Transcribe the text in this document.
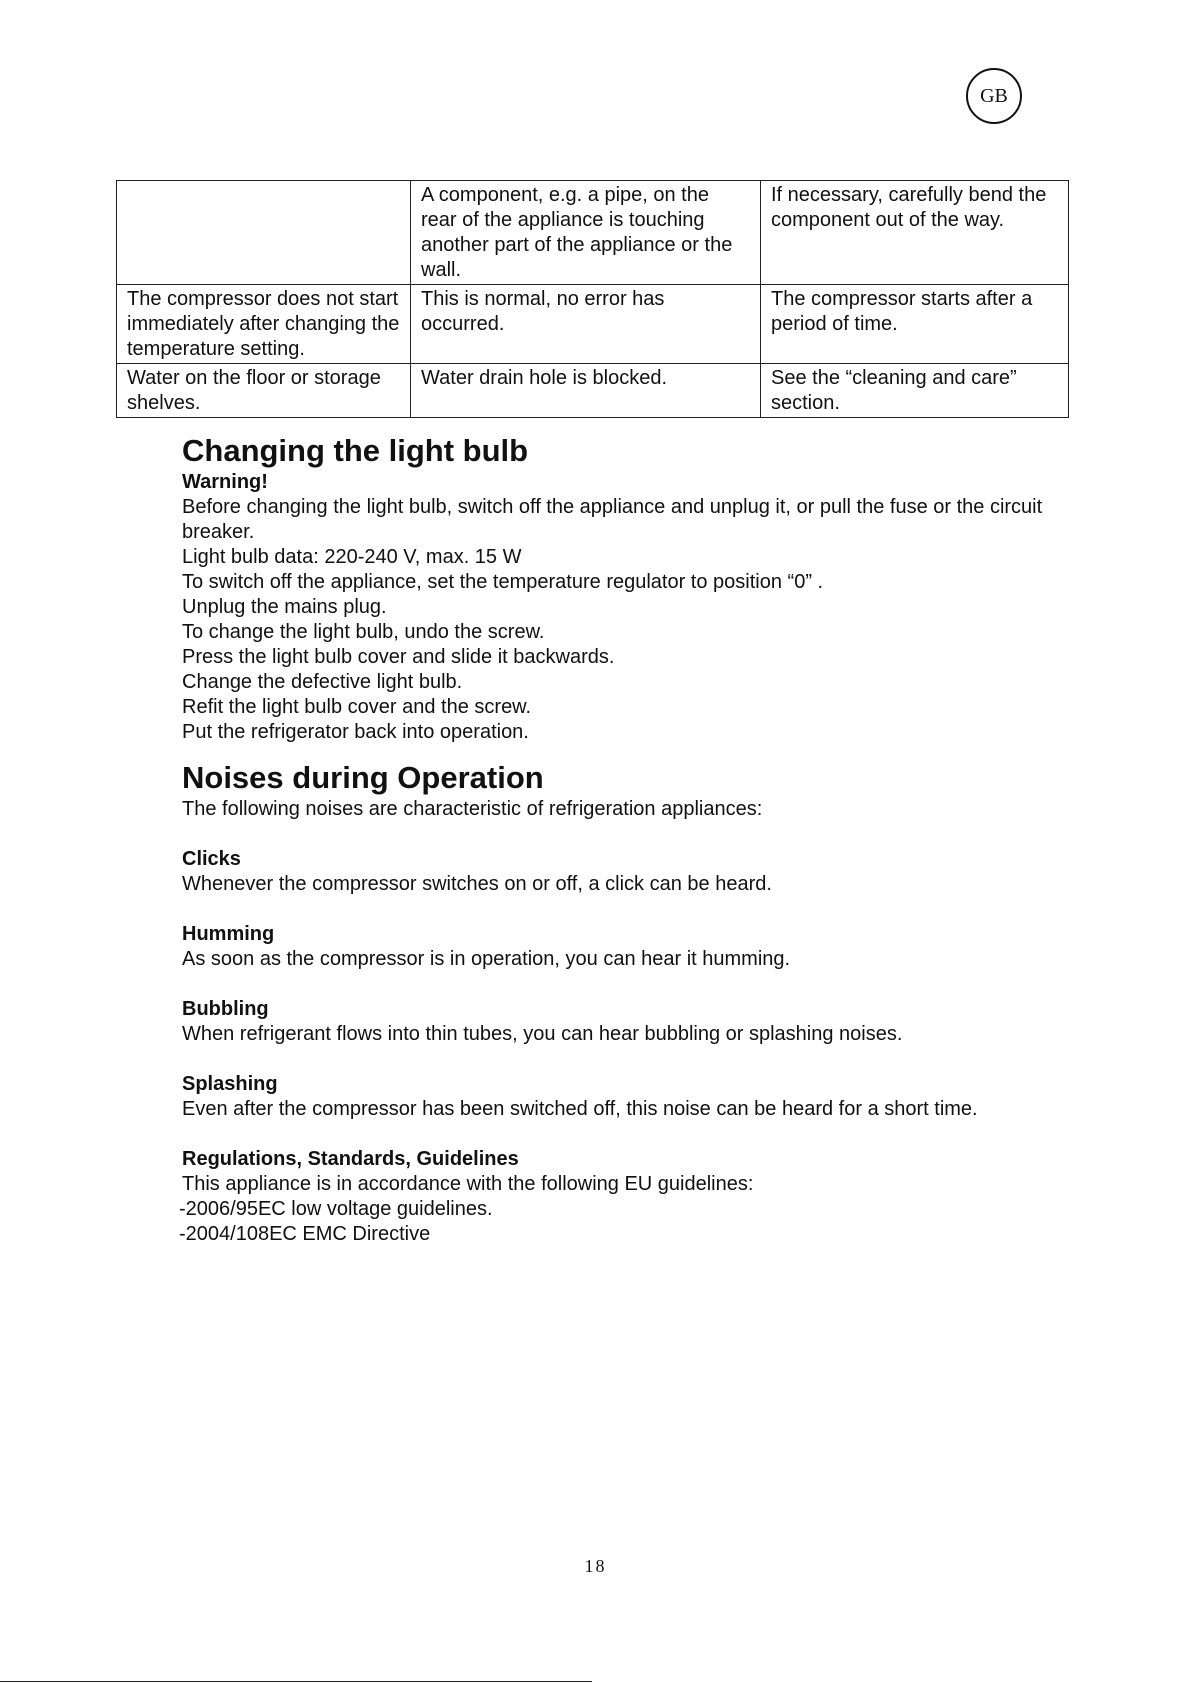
GB
	A component, e.g. a pipe, on the rear of the appliance is touching another part of the appliance or the wall.	If necessary, carefully bend the component out of the way.
The compressor does not start immediately after changing the temperature setting.	This is normal, no error has occurred.	The compressor starts after a period of time.
Water on the floor or storage shelves.	Water drain hole is blocked.	See the “cleaning and care” section.
Changing the light bulb

Warning!

Before changing the light bulb, switch off the appliance and unplug it, or pull the fuse or the circuit breaker.

Light bulb data: 220-240 V, max. 15 W

To switch off the appliance, set the temperature regulator to position “0” .

Unplug the mains plug.

To change the light bulb, undo the screw.

Press the light bulb cover and slide it backwards.

Change the defective light bulb.

Refit the light bulb cover and the screw.

Put the refrigerator back into operation.

Noises during Operation

The following noises are characteristic of refrigeration appliances:

Clicks

Whenever the compressor switches on or off, a click can be heard.

Humming

As soon as the compressor is in operation, you can hear it humming.

Bubbling

When refrigerant flows into thin tubes, you can hear bubbling or splashing noises.

Splashing

Even after the compressor has been switched off, this noise can be heard for a short time.

Regulations, Standards, Guidelines

This appliance is in accordance with the following EU guidelines:

-2006/95EC low voltage guidelines.

-2004/108EC EMC Directive

18
